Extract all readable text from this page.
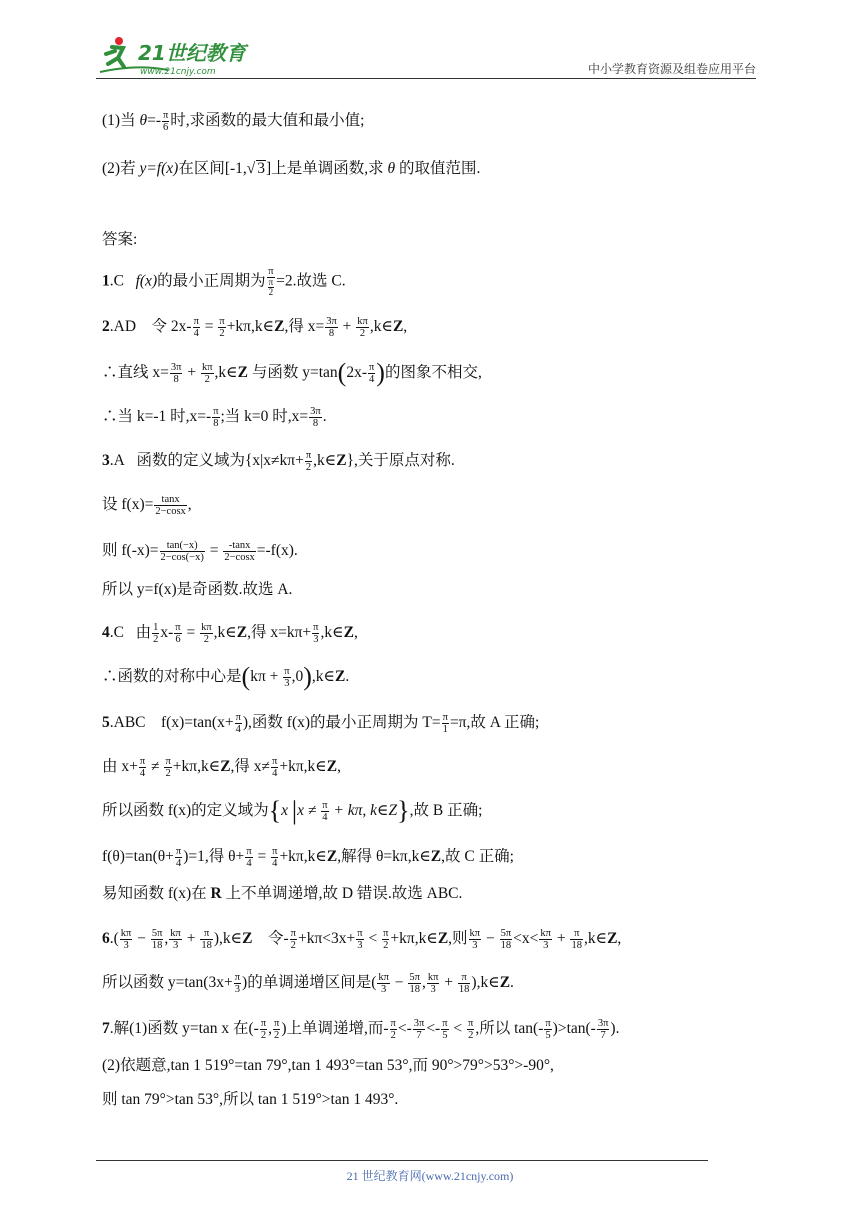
21世纪教育
www.21cnjy.com	中小学教育资源及组卷应用平台
(1)当 $\theta=- \frac{\pi}{6}$ 时,求函数的最大值和最小值;
(2)若 y=f(x)在区间[-1,√ 3]上是单调函数,求 θ 的取值范围.
答案:
1.C f(x)的最小正周期为 $\frac{\pi}{\frac{\pi}{2}} =2$.故选 C.
2.AD 令 $2x- \frac{\pi}{4} = \frac{\pi}{2}$ +kπ,k∈Z,得 $x= \frac{3\pi}{8} + \frac{k\pi}{2}$ ,k∈Z,
∴直线 $x= \frac{3\pi}{8} + \frac{k\pi}{2}$ ,k∈Z 与函数 $y=\tan(2x- \frac{\pi}{4}$ )的图象不相交,
∴当 k=-1 时$,x=- \frac{\pi}{8}$ ;当 k=0 时$,x= \frac{3\pi}{8}$ .
3.A 函数的定义域为{$x|x\ne k\pi+ \frac{\pi}{2}$ ,k∈Z},关于原点对称.
设 $f(x)= \frac{\tan x}{2-\cos x}$ ,
则 $f(-x)= \frac{\tan(-x)}{2-\cos(-x)} = \frac{-\tan x}{2-\cos x} =-f(x)$.
所以 y=f(x)是奇函数.故选 A.
4.C 由 $\frac{1}{2} x- \frac{\pi}{6} = \frac{k\pi}{2}$ ,k∈Z,得 $x=k\pi+ \frac{\pi}{3}$ ,k∈Z,
∴函数的对称中心是($k\pi + \frac{\pi}{3}$ ,0),k∈Z.
5.ABC $f(x)=\tan(x+ \frac{\pi}{4}$ ),函数 f(x)的最小正周期为 $T= \frac{\pi}{1} =\pi$,故 A 正确;
由 $x+ \frac{\pi}{4} \ne \frac{\pi}{2}$ +kπ,k∈Z,得 $x\ne \frac{\pi}{4}$ +kπ,k∈Z,
所以函数 f(x)的定义域为{x $|x \ne \frac{\pi}{4} + k\pi$, k∈Z},故 B 正确;
$f(\theta)=\tan(\theta+ \frac{\pi}{4} )=1$,得 $\theta+ \frac{\pi}{4} = \frac{\pi}{4}$ +kπ,k∈Z,解得 θ=kπ,k∈Z,故 C 正确;
易知函数 f(x)在 R 上不单调递增,故 D 错误.故选 ABC.
$6.( \frac{k\pi}{3} - \frac{5\pi}{18}$ , $\frac{k\pi}{3} + \frac{\pi}{18}$ ),k∈Z 令- $\frac{\pi}{2} +k\pi<3x+ \frac{\pi}{3} < \frac{\pi}{2}$ +kπ,k∈Z,则 $\frac{k\pi}{3} - \frac{5\pi}{18} <x< \frac{k\pi}{3} + \frac{\pi}{18}$ ,k∈Z,
所以函数 $y=\tan(3x+ \frac{\pi}{3}$ )的单调递增区间是( $\frac{k\pi}{3} - \frac{5\pi}{18}$ , $\frac{k\pi}{3} + \frac{\pi}{18}$ ),k∈Z.
7.解(1)函数 y=tan x 在(- $\frac{\pi}{2}$ , $\frac{\pi}{2}$ )上单调递增,而- $\frac{\pi}{2} <- \frac{3\pi}{7} <- \frac{\pi}{5} < \frac{\pi}{2}$ ,所以 $\tan(- \frac{\pi}{5} )>\tan(- \frac{3\pi}{7}$ ).
(2)依题意,tan 1 519°=tan 79°,tan 1 493°=tan 53°,而 90°>79°>53°>-90°,
则 tan 79°>tan 53°,所以 tan 1 519°>tan 1 493°.
21 世纪教育网(www.21cnjy.com)
